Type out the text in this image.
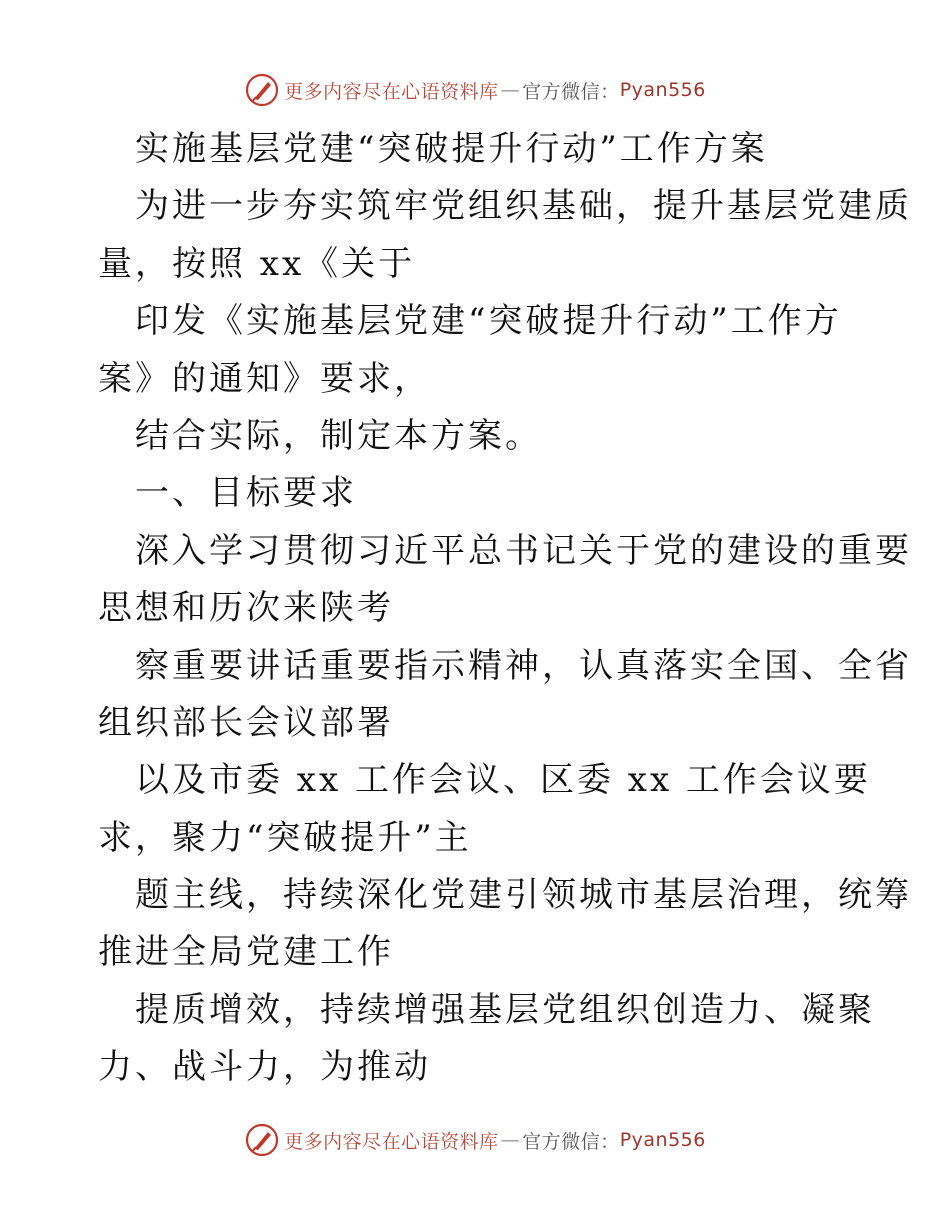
更多内容尽在心语资料库 — 官方微信： Pyan556
实施基层党建“突破提升行动”工作方案
为进一步夯实筑牢党组织基础，提升基层党建质
量，按照 xx《关于
印发《实施基层党建“突破提升行动”工作方
案》的通知》要求，
结合实际，制定本方案。
一、目标要求
深入学习贯彻习近平总书记关于党的建设的重要
思想和历次来陕考
察重要讲话重要指示精神，认真落实全国、全省
组织部长会议部署
以及市委 xx 工作会议、区委 xx 工作会议要
求，聚力“突破提升”主
题主线，持续深化党建引领城市基层治理，统筹
推进全局党建工作
提质增效，持续增强基层党组织创造力、凝聚
力、战斗力，为推动
更多内容尽在心语资料库 — 官方微信： Pyan556
